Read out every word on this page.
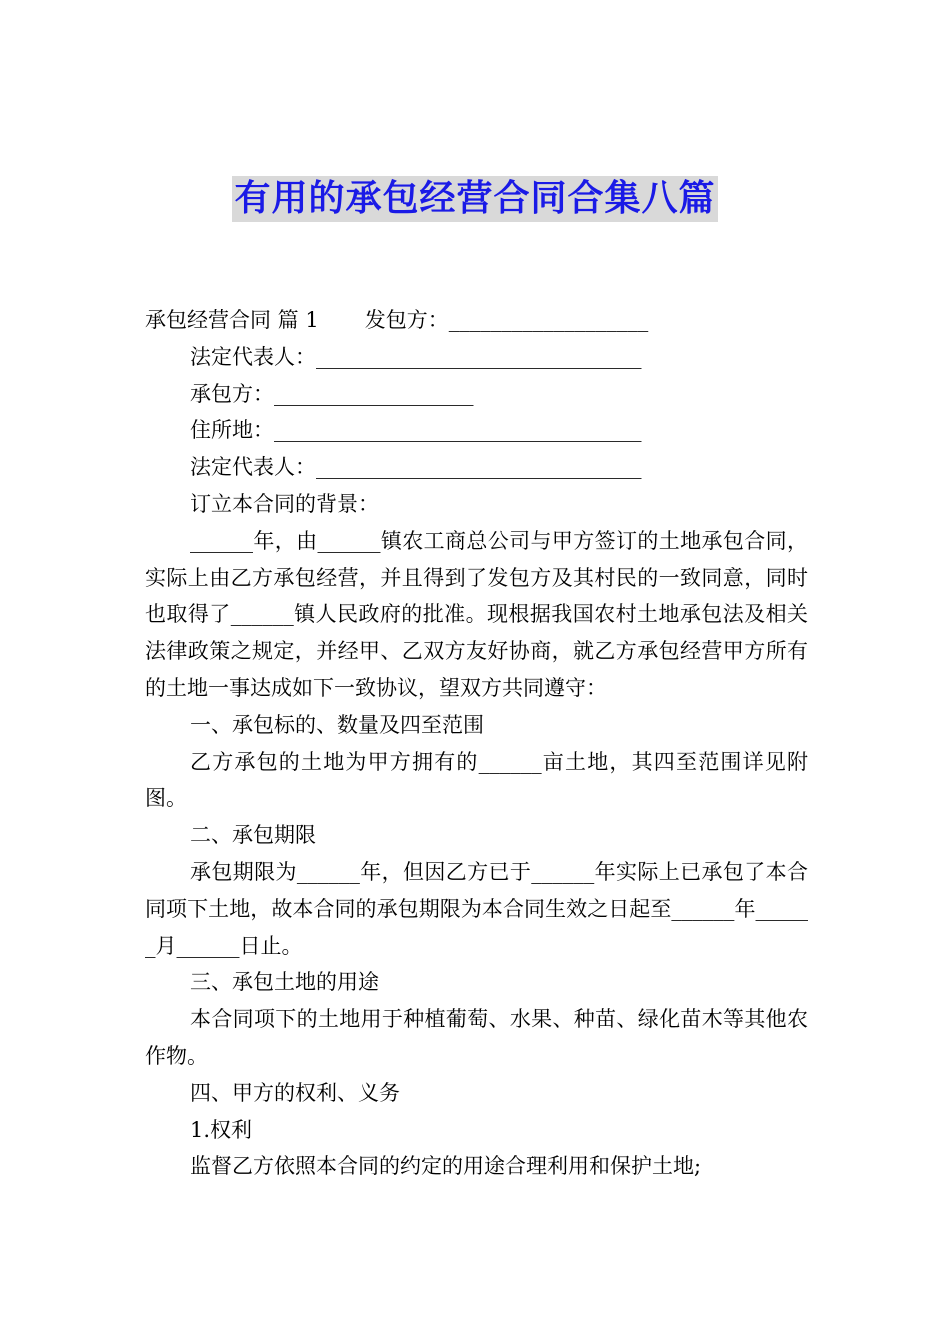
有用的承包经营合同合集八篇
承包经营合同 篇 1 发包方：___________________
法定代表人：_______________________________
承包方：___________________
住所地：___________________________________
法定代表人：_______________________________
订立本合同的背景：
______年，由______镇农工商总公司与甲方签订的土地承包合同，实际上由乙方承包经营，并且得到了发包方及其村民的一致同意，同时也取得了______镇人民政府的批准。现根据我国农村土地承包法及相关法律政策之规定，并经甲、乙双方友好协商，就乙方承包经营甲方所有的土地一事达成如下一致协议，望双方共同遵守：
一、承包标的、数量及四至范围
乙方承包的土地为甲方拥有的______亩土地，其四至范围详见附图。
二、承包期限
承包期限为______年，但因乙方已于______年实际上已承包了本合同项下土地，故本合同的承包期限为本合同生效之日起至______年______月______日止。
三、承包土地的用途
本合同项下的土地用于种植葡萄、水果、种苗、绿化苗木等其他农作物。
四、甲方的权利、义务
1.权利
监督乙方依照本合同的约定的用途合理利用和保护土地;
